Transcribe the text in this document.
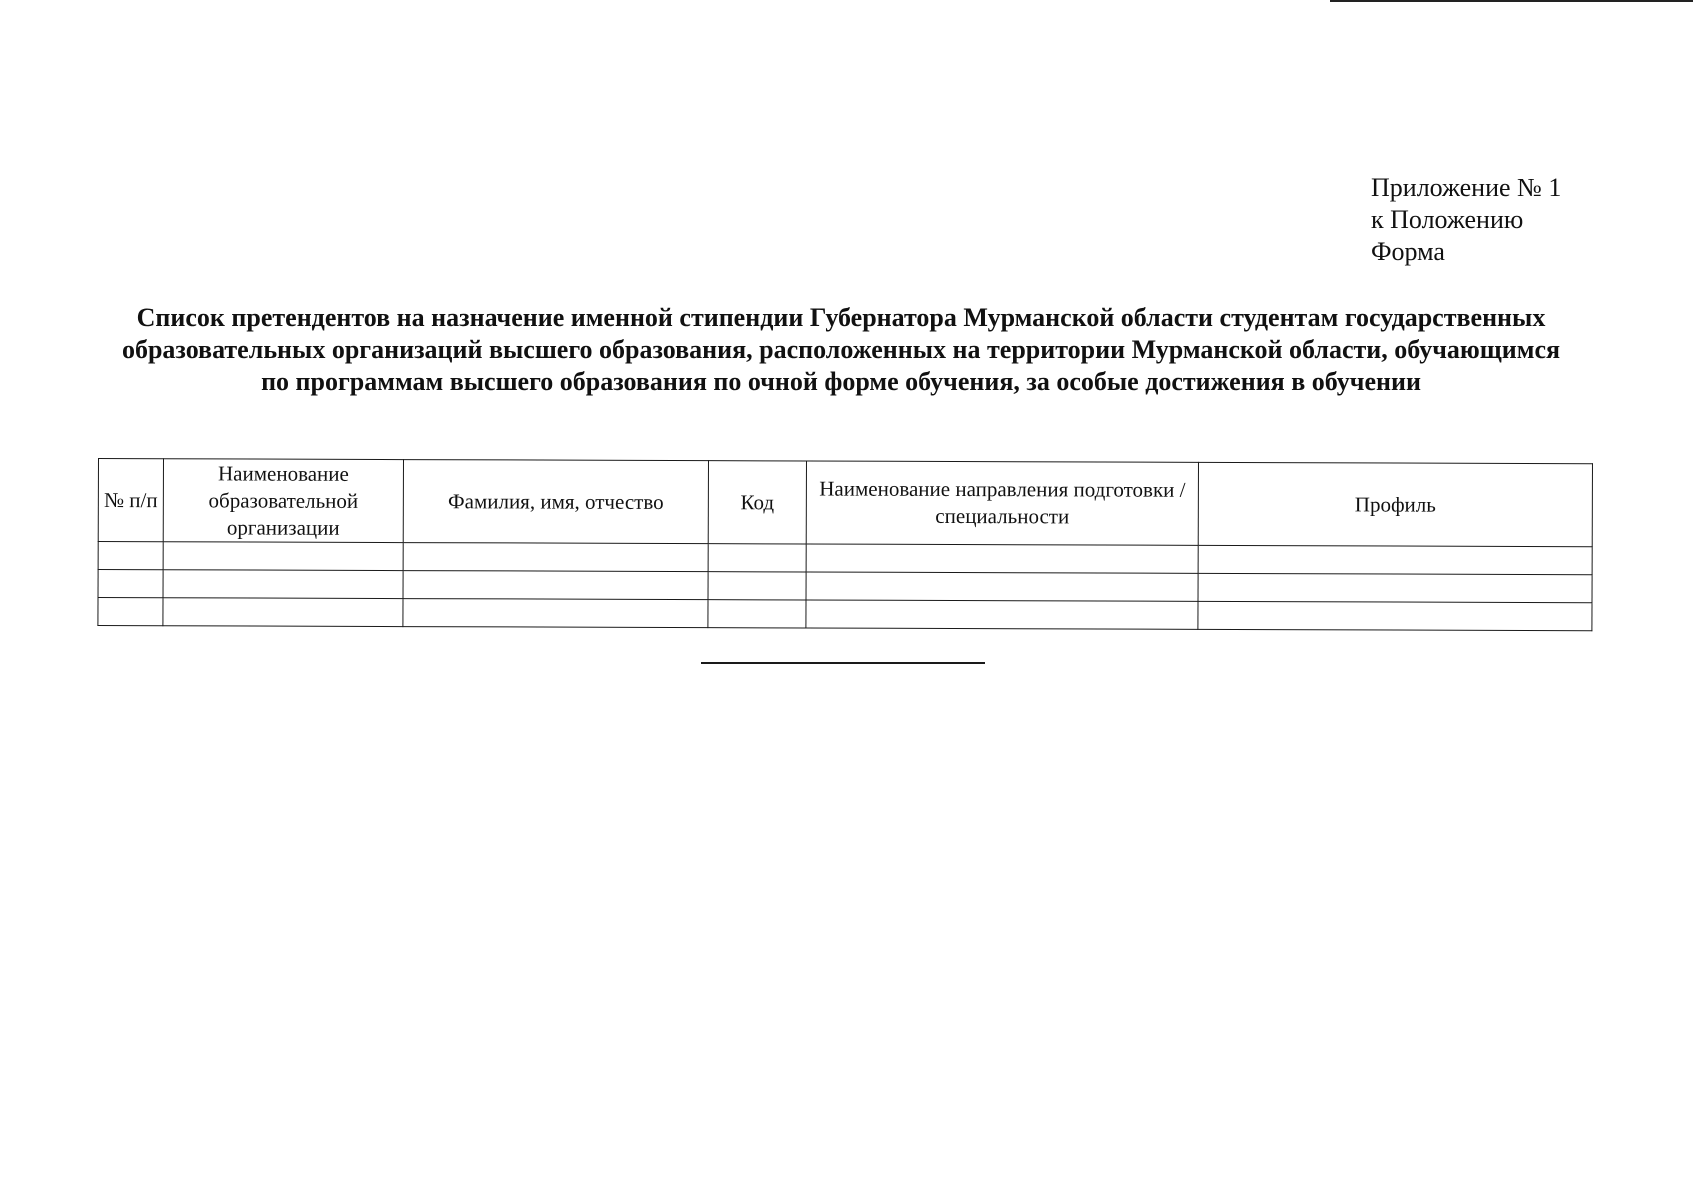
Приложение № 1
к Положению
Форма
Список претендентов на назначение именной стипендии Губернатора Мурманской области студентам государственных образовательных организаций высшего образования, расположенных на территории Мурманской области, обучающимся по программам высшего образования по очной форме обучения, за особые достижения в обучении
№ п/п	Наименование образовательной организации	Фамилия, имя, отчество	Код	Наименование направления подготовки / специальности	Профиль
